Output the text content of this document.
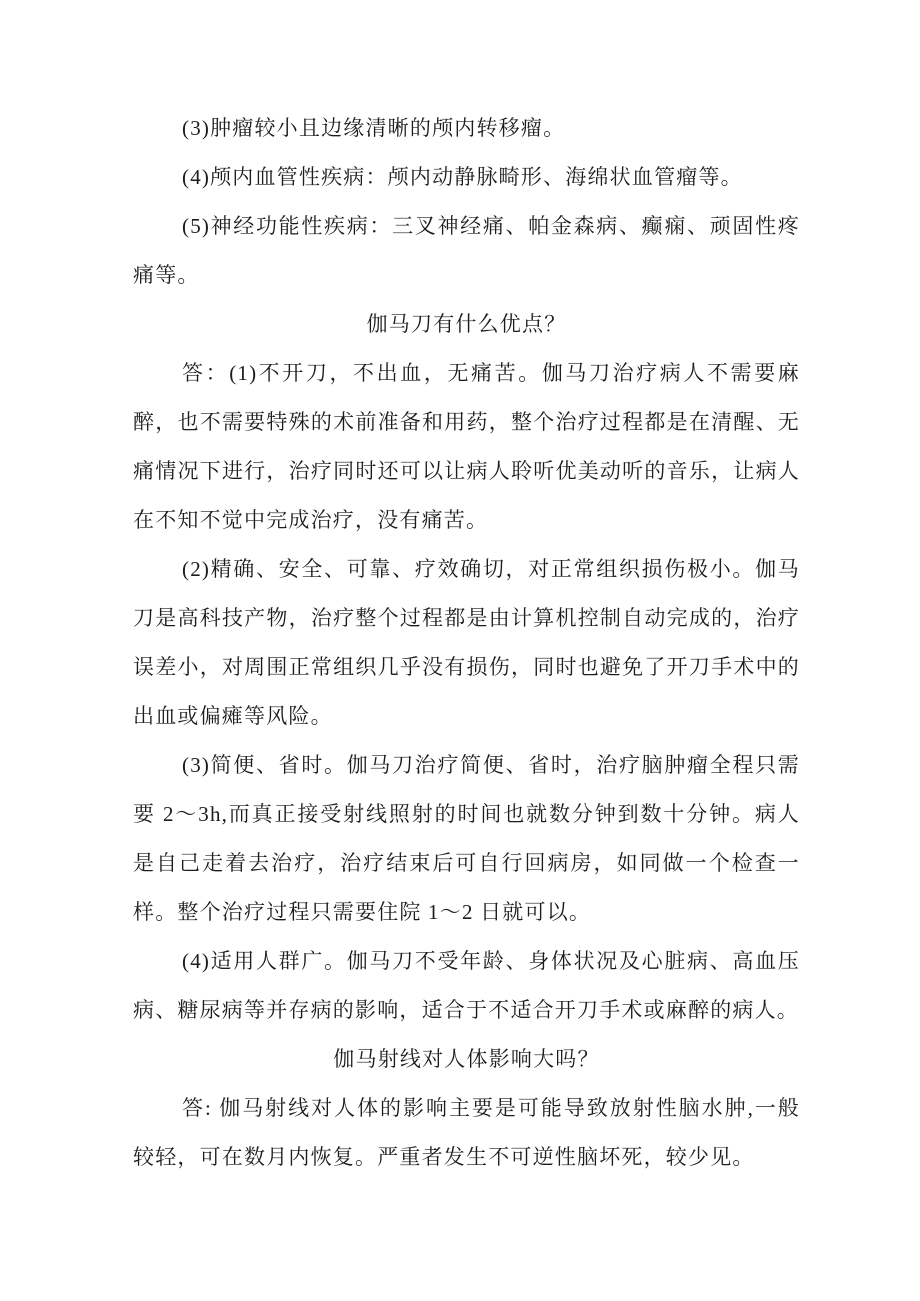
(3)肿瘤较小且边缘清晰的颅内转移瘤。

(4)颅内血管性疾病：颅内动静脉畸形、海绵状血管瘤等。

(5)神经功能性疾病：三叉神经痛、帕金森病、癫痫、顽固性疼痛等。

伽马刀有什么优点？

答：(1)不开刀，不出血，无痛苦。伽马刀治疗病人不需要麻醉，也不需要特殊的术前准备和用药，整个治疗过程都是在清醒、无痛情况下进行，治疗同时还可以让病人聆听优美动听的音乐，让病人在不知不觉中完成治疗，没有痛苦。

(2)精确、安全、可靠、疗效确切，对正常组织损伤极小。伽马刀是高科技产物，治疗整个过程都是由计算机控制自动完成的，治疗误差小，对周围正常组织几乎没有损伤，同时也避免了开刀手术中的出血或偏瘫等风险。

(3)简便、省时。伽马刀治疗简便、省时，治疗脑肿瘤全程只需要 2～3h,而真正接受射线照射的时间也就数分钟到数十分钟。病人是自己走着去治疗，治疗结束后可自行回病房，如同做一个检查一样。整个治疗过程只需要住院 1～2 日就可以。

(4)适用人群广。伽马刀不受年龄、身体状况及心脏病、高血压病、糖尿病等并存病的影响，适合于不适合开刀手术或麻醉的病人。

伽马射线对人体影响大吗？

答: 伽马射线对人体的影响主要是可能导致放射性脑水肿,一般较轻，可在数月内恢复。严重者发生不可逆性脑坏死，较少见。
